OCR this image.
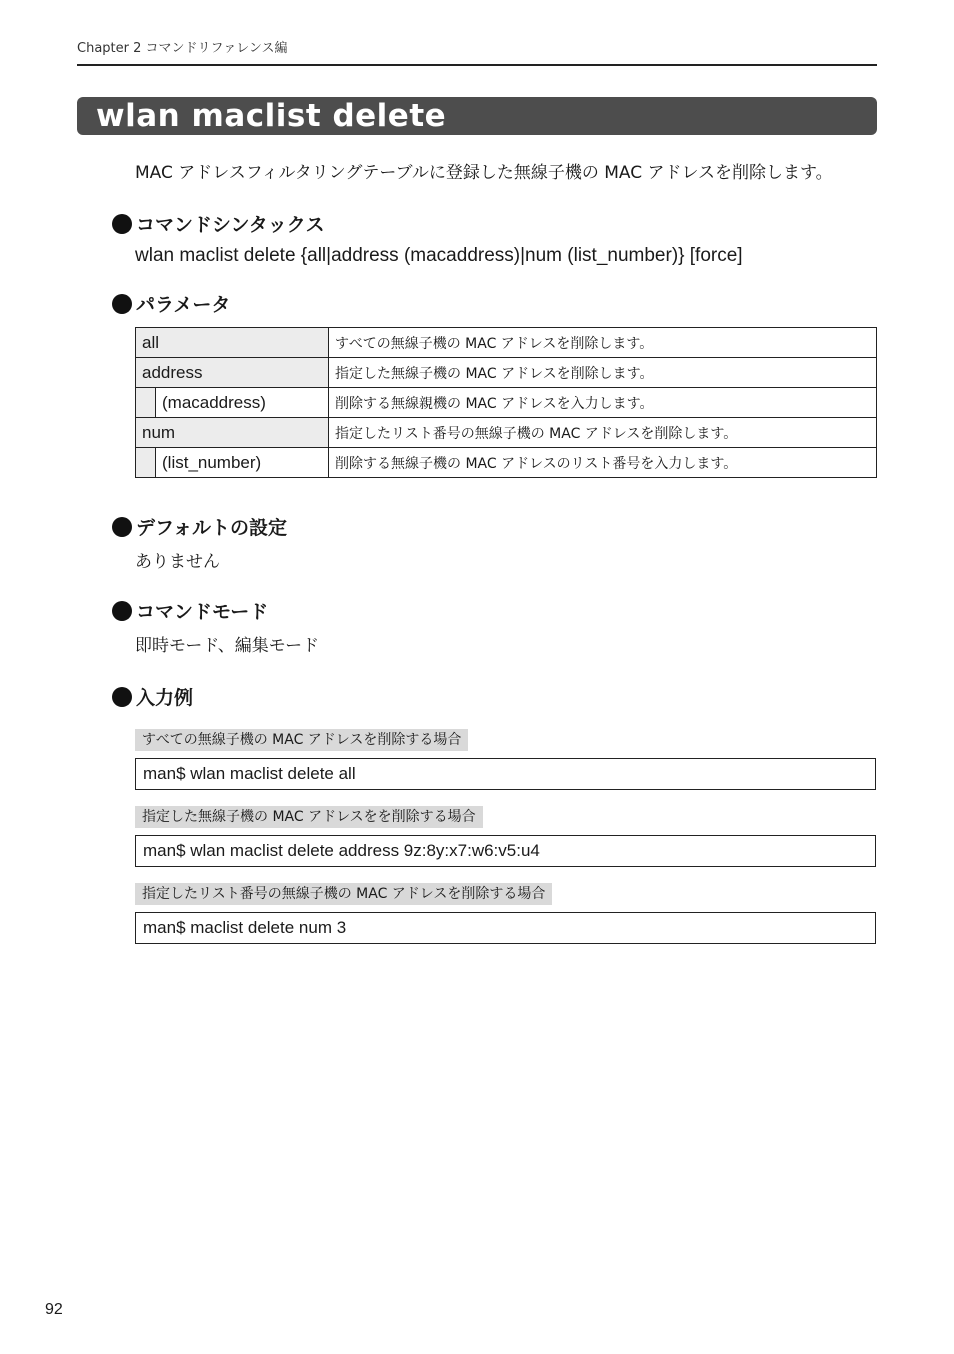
Chapter 2 コマンドリファレンス編
wlan maclist delete
MAC アドレスフィルタリングテーブルに登録した無線子機の MAC アドレスを削除します。
コマンドシンタックス
wlan maclist delete {all|address (macaddress)|num (list_number)} [force]
パラメータ
all		すべての無線子機の MAC アドレスを削除します。
address		指定した無線子機の MAC アドレスを削除します。
	(macaddress)	削除する無線親機の MAC アドレスを入力します。
num		指定したリスト番号の無線子機の MAC アドレスを削除します。
	(list_number)	削除する無線子機の MAC アドレスのリスト番号を入力します。
デフォルトの設定
ありません
コマンドモード
即時モード、編集モード
入力例
すべての無線子機の MAC アドレスを削除する場合
man$ wlan maclist delete all
指定した無線子機の MAC アドレスをを削除する場合
man$ wlan maclist delete address 9z:8y:x7:w6:v5:u4
指定したリスト番号の無線子機の MAC アドレスを削除する場合
man$ maclist delete num 3
92
